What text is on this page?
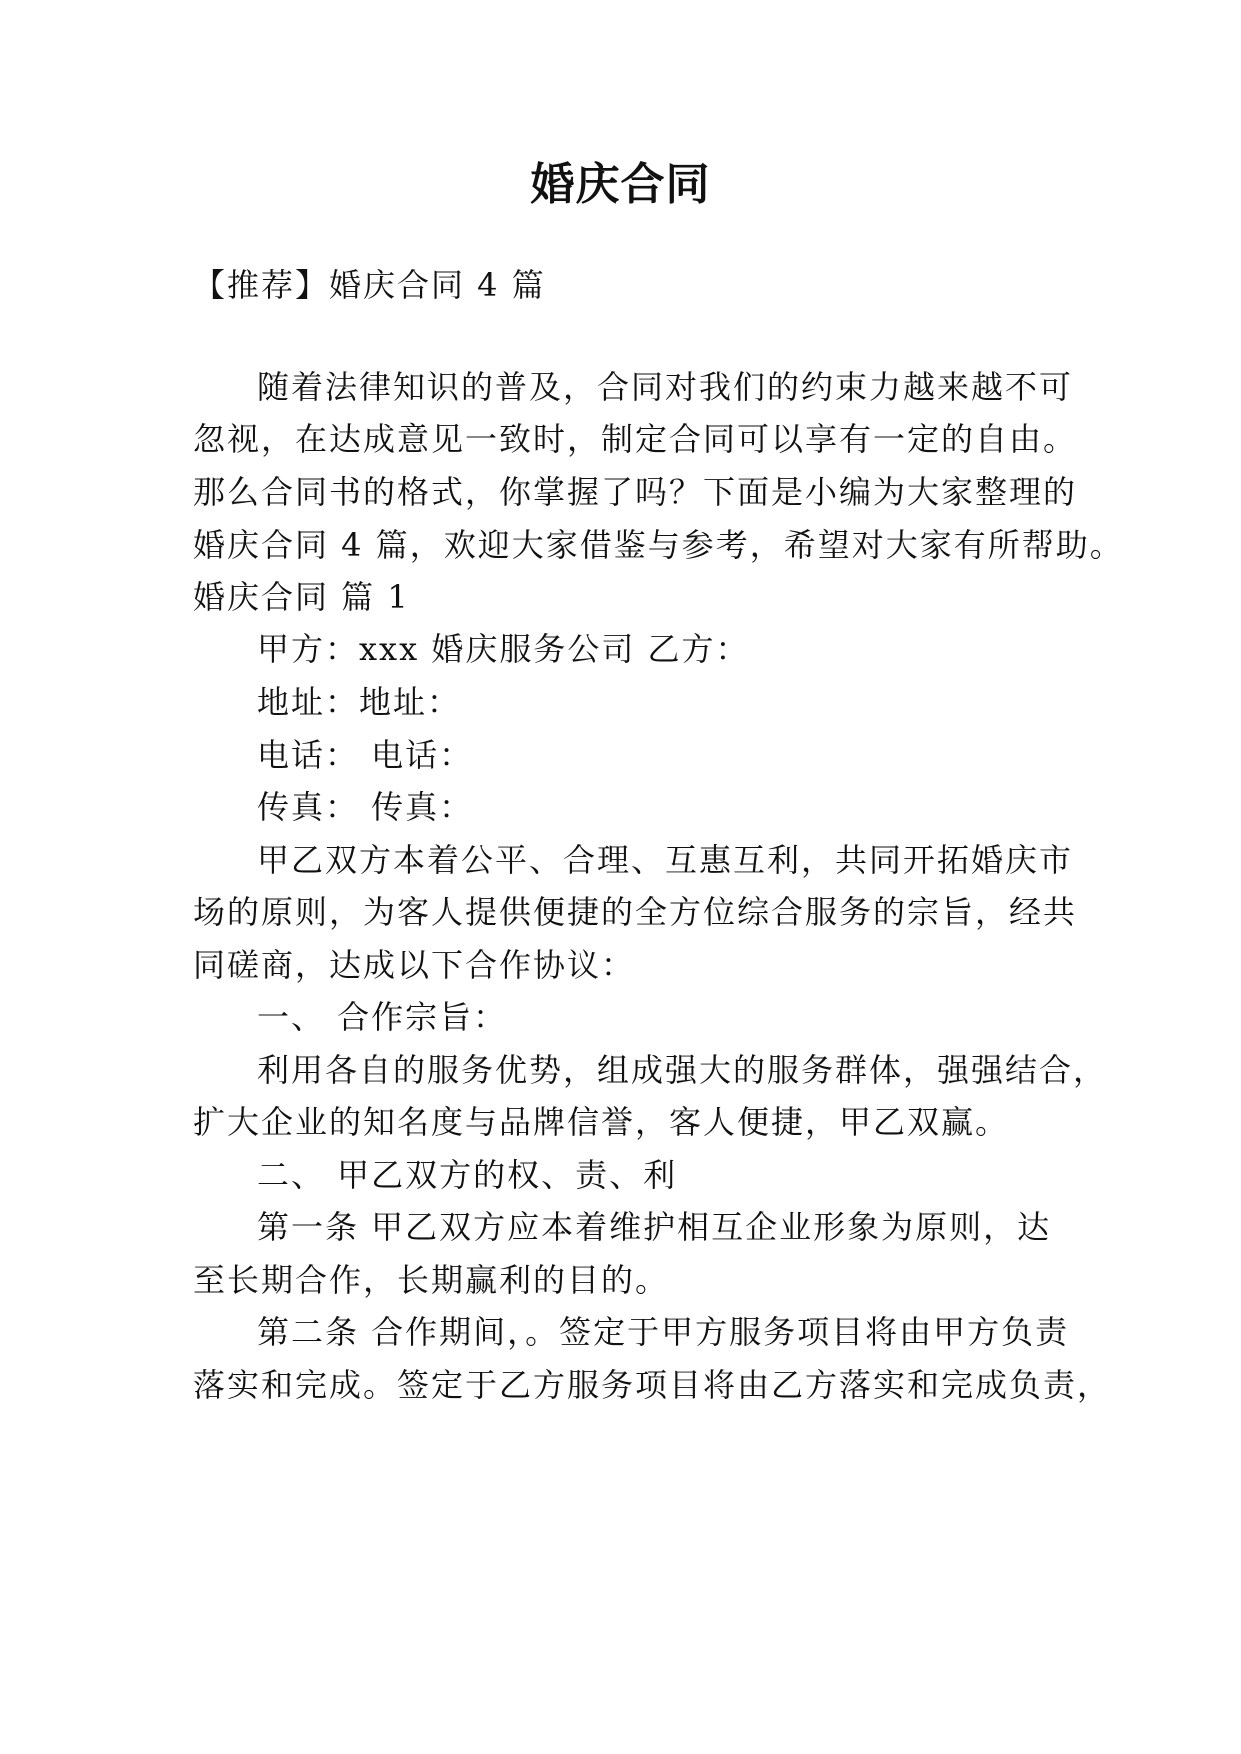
婚庆合同
【推荐】婚庆合同 4 篇
随着法律知识的普及，合同对我们的约束力越来越不可
忽视，在达成意见一致时，制定合同可以享有一定的自由。
那么合同书的格式，你掌握了吗？下面是小编为大家整理的
婚庆合同 4 篇，欢迎大家借鉴与参考，希望对大家有所帮助。
婚庆合同 篇 1
甲方：xxx 婚庆服务公司 乙方：
地址：地址：
电话： 电话：
传真： 传真：
甲乙双方本着公平、合理、互惠互利，共同开拓婚庆市
场的原则，为客人提供便捷的全方位综合服务的宗旨，经共
同磋商，达成以下合作协议：
一、 合作宗旨：
利用各自的服务优势，组成强大的服务群体，强强结合，
扩大企业的知名度与品牌信誉，客人便捷，甲乙双赢。
二、 甲乙双方的权、责、利
第一条 甲乙双方应本着维护相互企业形象为原则，达
至长期合作，长期赢利的目的。
第二条 合作期间，。签定于甲方服务项目将由甲方负责
落实和完成。签定于乙方服务项目将由乙方落实和完成负责，
